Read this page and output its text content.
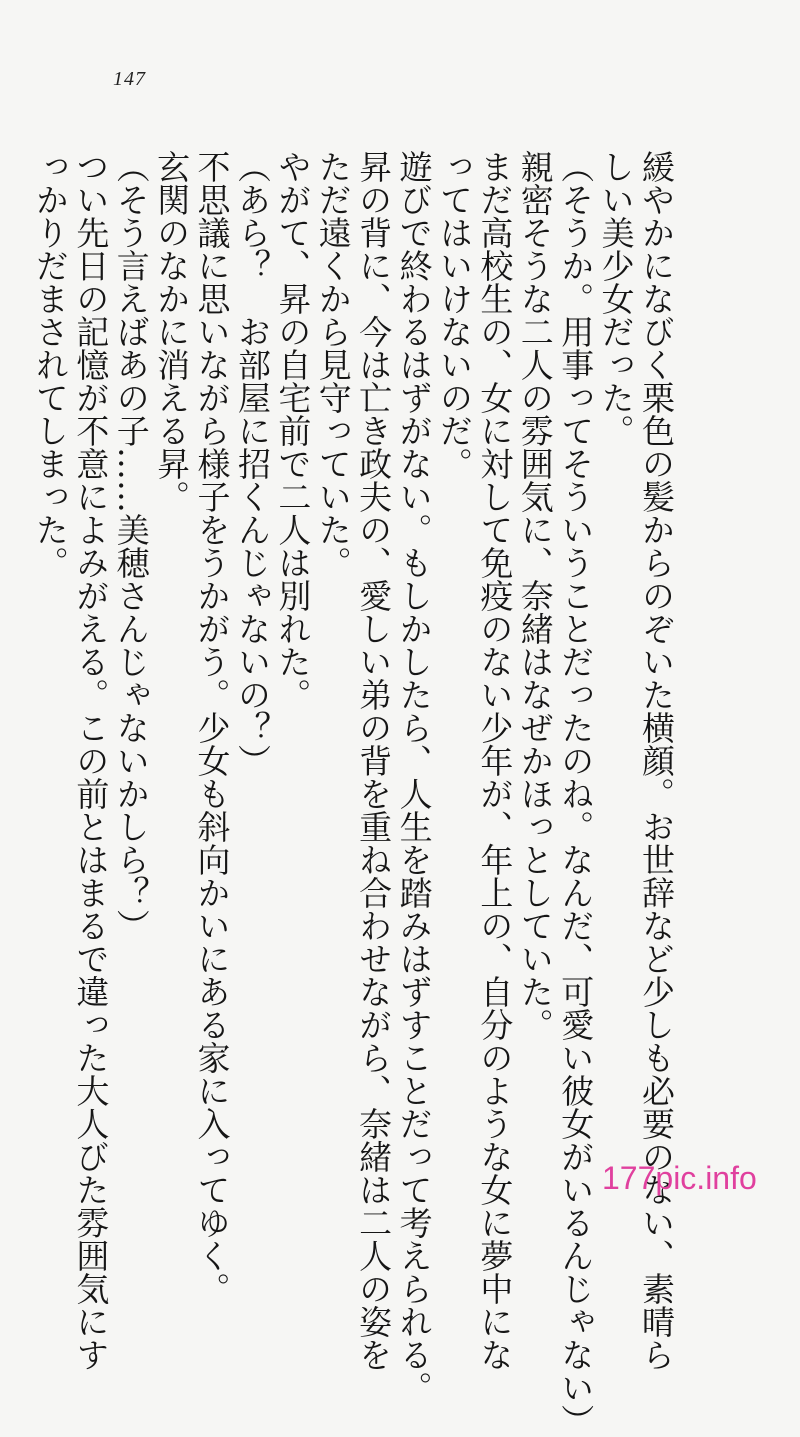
147
緩やかになびく栗色の髪からのぞいた横顔。お世辞など少しも必要のない、素晴ら
しい美少女だった。
（そうか。用事ってそういうことだったのね。なんだ、可愛い彼女がいるんじゃない）
親密そうな二人の雰囲気に、奈緒はなぜかほっとしていた。
まだ高校生の、女に対して免疫のない少年が、年上の、自分のような女に夢中にな
ってはいけないのだ。
遊びで終わるはずがない。もしかしたら、人生を踏みはずすことだって考えられる。
昇の背に、今は亡き政夫の、愛しい弟の背を重ね合わせながら、奈緒は二人の姿を
ただ遠くから見守っていた。
やがて、昇の自宅前で二人は別れた。
（あら？　お部屋に招くんじゃないの？）
不思議に思いながら様子をうかがう。少女も斜向かいにある家に入ってゆく。
玄関のなかに消える昇。
（そう言えばあの子……美穂さんじゃないかしら？）
つい先日の記憶が不意によみがえる。この前とはまるで違った大人びた雰囲気にす
っかりだまされてしまった。
177pic.info
